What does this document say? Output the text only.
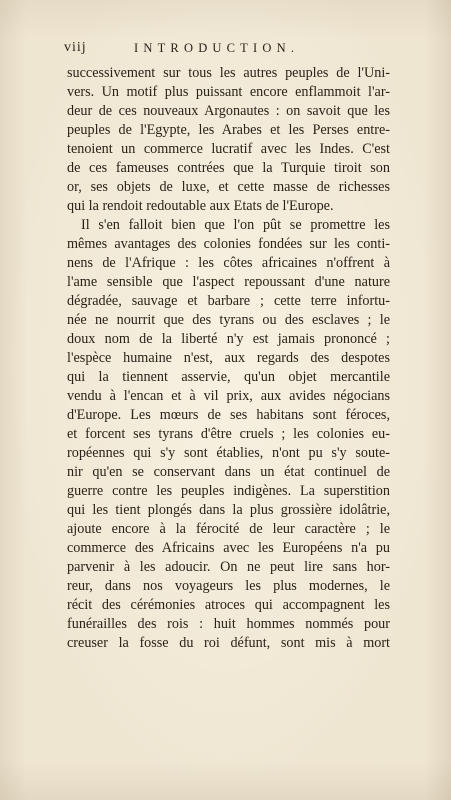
viij	INTRODUCTION.
successivement sur tous les autres peuples de l'Uni-
vers. Un motif plus puissant encore enflammoit l'ar-
deur de ces nouveaux Argonautes : on savoit que les
peuples de l'Egypte, les Arabes et les Perses entre-
tenoient un commerce lucratif avec les Indes. C'est
de ces fameuses contrées que la Turquie tiroit son
or, ses objets de luxe, et cette masse de richesses
qui la rendoit redoutable aux Etats de l'Europe.
Il s'en falloit bien que l'on pût se promettre les
mêmes avantages des colonies fondées sur les conti-
nens de l'Afrique : les côtes africaines n'offrent à
l'ame sensible que l'aspect repoussant d'une nature
dégradée, sauvage et barbare ; cette terre infortu-
née ne nourrit que des tyrans ou des esclaves ; le
doux nom de la liberté n'y est jamais prononcé ;
l'espèce humaine n'est, aux regards des despotes
qui la tiennent asservie, qu'un objet mercantile
vendu à l'encan et à vil prix, aux avides négocians
d'Europe. Les mœurs de ses habitans sont féroces,
et forcent ses tyrans d'être cruels ; les colonies eu-
ropéennes qui s'y sont établies, n'ont pu s'y soute-
nir qu'en se conservant dans un état continuel de
guerre contre les peuples indigènes. La superstition
qui les tient plongés dans la plus grossière idolâtrie,
ajoute encore à la férocité de leur caractère ; le
commerce des Africains avec les Européens n'a pu
parvenir à les adoucir. On ne peut lire sans hor-
reur, dans nos voyageurs les plus modernes, le
récit des cérémonies atroces qui accompagnent les
funérailles des rois : huit hommes nommés pour
creuser la fosse du roi défunt, sont mis à mort
